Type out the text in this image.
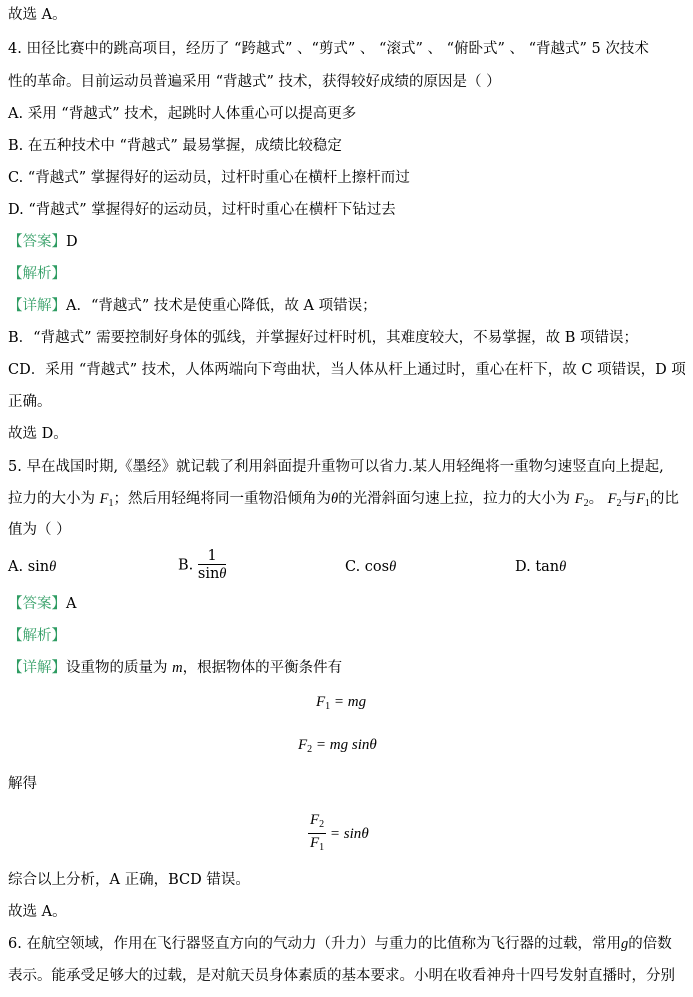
故选 A。
4. 田径比赛中的跳高项目，经历了 “跨越式” 、“剪式” 、 “滚式” 、 “俯卧式” 、 “背越式” 5 次技术
性的革命。目前运动员普遍采用 “背越式” 技术，获得较好成绩的原因是（ ）
A. 采用 “背越式” 技术，起跳时人体重心可以提高更多
B. 在五种技术中 “背越式” 最易掌握，成绩比较稳定
C. “背越式” 掌握得好的运动员，过杆时重心在横杆上擦杆而过
D. “背越式” 掌握得好的运动员，过杆时重心在横杆下钻过去
【答案】D
【解析】
【详解】A．“背越式” 技术是使重心降低，故 A 项错误；
B．“背越式” 需要控制好身体的弧线，并掌握好过杆时机，其难度较大，不易掌握，故 B 项错误；
CD．采用 “背越式” 技术，人体两端向下弯曲状，当人体从杆上通过时，重心在杆下，故 C 项错误，D 项
正确。
故选 D。
5. 早在战国时期,《墨经》就记载了利用斜面提升重物可以省力.某人用轻绳将一重物匀速竖直向上提起,
拉力的大小为 $F_1$；然后用轻绳将同一重物沿倾角为θ的光滑斜面匀速上拉，拉力的大小为 $F_2$。 $F_2$与$F_1$的比
值为（ ）
A. sinθ	B. $\frac{1}{\sin\theta}$	C. cosθ	D. tanθ
【答案】A
【解析】
【详解】设重物的质量为 m，根据物体的平衡条件有
$F_1$ = mg
$F_2$ = mg sinθ
解得
$\frac{F_2}{F_1} = \sin\theta$
综合以上分析，A 正确，BCD 错误。
故选 A。
6. 在航空领域，作用在飞行器竖直方向的气动力（升力）与重力的比值称为飞行器的过载，常用g的倍数
表示。能承受足够大的过载，是对航天员身体素质的基本要求。小明在收看神舟十四号发射直播时，分别
